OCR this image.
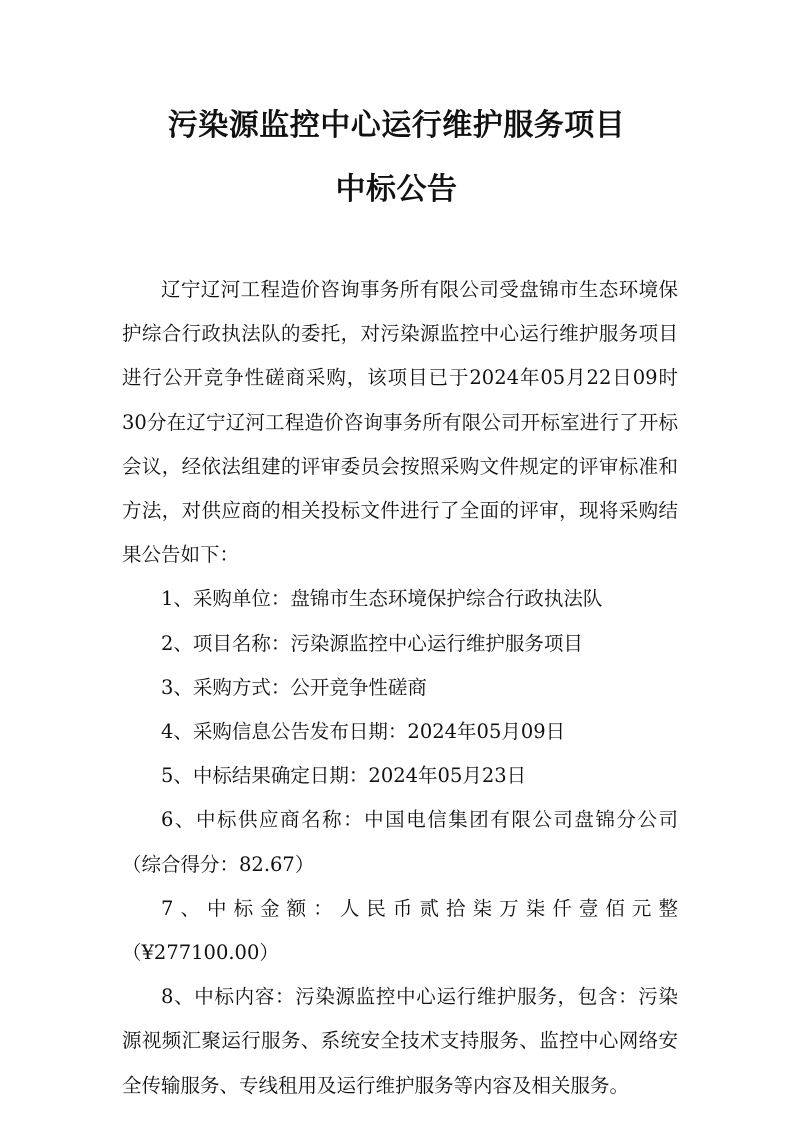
污染源监控中心运行维护服务项目
中标公告

辽宁辽河工程造价咨询事务所有限公司受盘锦市生态环境保护综合行政执法队的委托，对污染源监控中心运行维护服务项目进行公开竞争性磋商采购，该项目已于2024年05月22日09时30分在辽宁辽河工程造价咨询事务所有限公司开标室进行了开标会议，经依法组建的评审委员会按照采购文件规定的评审标准和方法，对供应商的相关投标文件进行了全面的评审，现将采购结果公告如下：

1、采购单位：盘锦市生态环境保护综合行政执法队

2、项目名称：污染源监控中心运行维护服务项目

3、采购方式：公开竞争性磋商

4、采购信息公告发布日期：2024年05月09日

5、中标结果确定日期：2024年05月23日

6、中标供应商名称：中国电信集团有限公司盘锦分公司（综合得分：82.67）

7、中标金额：人民币贰拾柒万柒仟壹佰元整（¥277100.00）

8、中标内容：污染源监控中心运行维护服务，包含：污染源视频汇聚运行服务、系统安全技术支持服务、监控中心网络安全传输服务、专线租用及运行维护服务等内容及相关服务。
